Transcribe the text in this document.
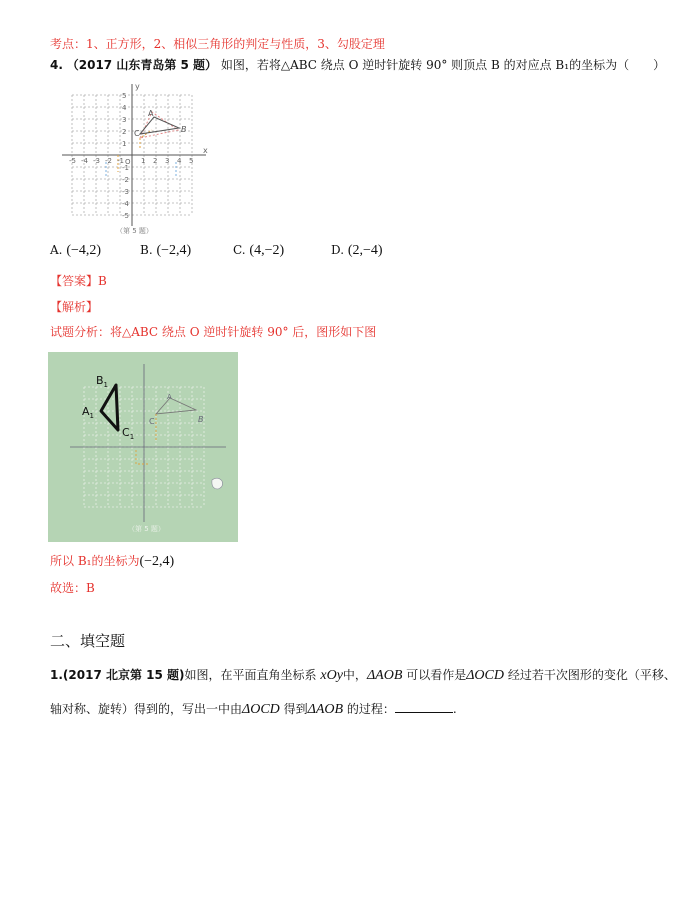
考点：1、正方形，2、相似三角形的判定与性质，3、勾股定理
4. （2017 山东青岛第 5 题） 如图，若将△ABC 绕点 O 逆时针旋转 90° 则顶点 B 的对应点 B₁的坐标为（　　）
-5 -4 -3 -2 -1 1 2 3 4 5
5
4
3
2
1
-1
-2
-3
-4
-5
x
y
O
A
B
C
（第 5 题）
A. (−4,2)	B. (−2,4)	C. (4,−2)	D. (2,−4)
【答案】B
【解析】
试题分析：将△ABC 绕点 O 逆时针旋转 90° 后，图形如下图
$B_1$
$A_1$
$C_1$
A
B
C
（第 5 题）
所以 B₁的坐标为(−2,4)
故选：B
二、填空题
1.(2017 北京第 15 题)如图，在平面直角坐标系 xOy中，ΔAOB 可以看作是ΔOCD 经过若干次图形的变化（平移、
轴对称、旋转）得到的，写出一中由ΔOCD 得到ΔAOB 的过程：	.
